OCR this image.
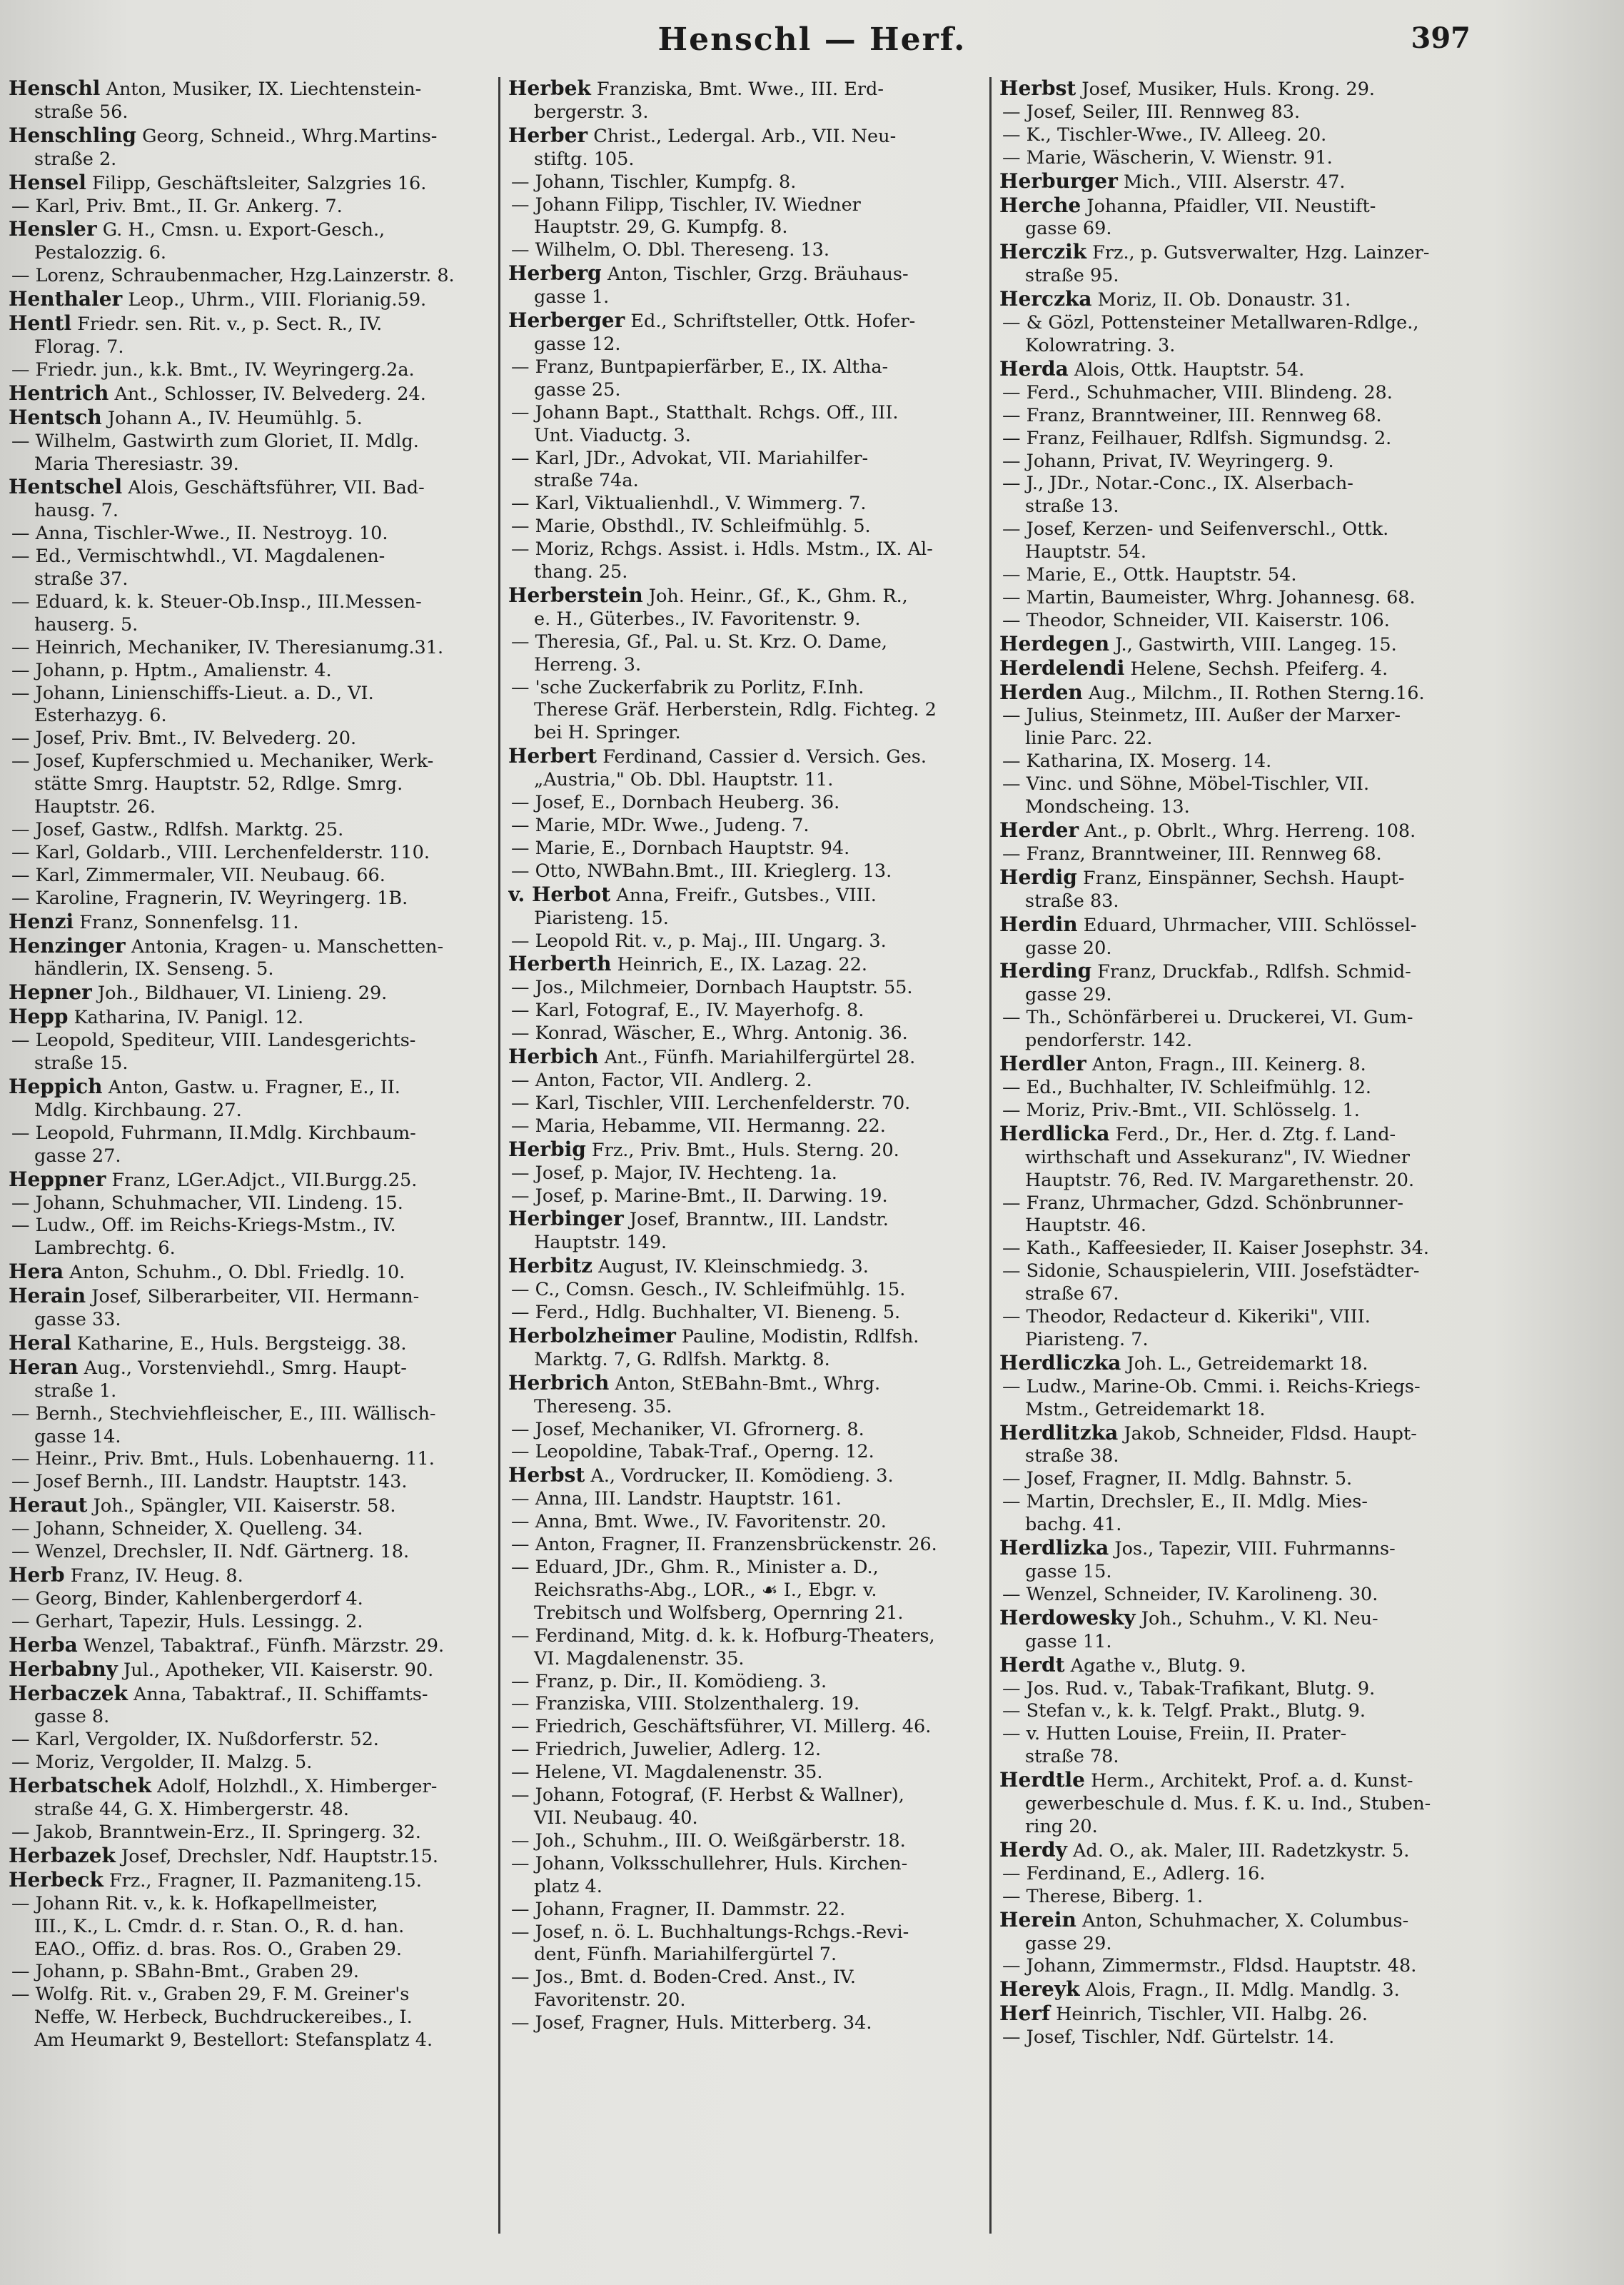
Henschl — Herf.	397
Henschl Anton, Musiker, IX. Liechtenstein-
straße 56.
Henschling Georg, Schneid., Whrg.Martins-
straße 2.
Hensel Filipp, Geschäftsleiter, Salzgries 16.
— Karl, Priv. Bmt., II. Gr. Ankerg. 7.
Hensler G. H., Cmsn. u. Export-Gesch.,
Pestalozzig. 6.
— Lorenz, Schraubenmacher, Hzg.Lainzerstr. 8.
Henthaler Leop., Uhrm., VIII. Florianig.59.
Hentl Friedr. sen. Rit. v., p. Sect. R., IV.
Florag. 7.
— Friedr. jun., k.k. Bmt., IV. Weyringerg.2a.
Hentrich Ant., Schlosser, IV. Belvederg. 24.
Hentsch Johann A., IV. Heumühlg. 5.
— Wilhelm, Gastwirth zum Gloriet, II. Mdlg.
Maria Theresiastr. 39.
Hentschel Alois, Geschäftsführer, VII. Bad-
hausg. 7.
— Anna, Tischler-Wwe., II. Nestroyg. 10.
— Ed., Vermischtwhdl., VI. Magdalenen-
straße 37.
— Eduard, k. k. Steuer-Ob.Insp., III.Messen-
hauserg. 5.
— Heinrich, Mechaniker, IV. Theresianumg.31.
— Johann, p. Hptm., Amalienstr. 4.
— Johann, Linienschiffs-Lieut. a. D., VI.
Esterhazyg. 6.
— Josef, Priv. Bmt., IV. Belvederg. 20.
— Josef, Kupferschmied u. Mechaniker, Werk-
stätte Smrg. Hauptstr. 52, Rdlge. Smrg.
Hauptstr. 26.
— Josef, Gastw., Rdlfsh. Marktg. 25.
— Karl, Goldarb., VIII. Lerchenfelderstr. 110.
— Karl, Zimmermaler, VII. Neubaug. 66.
— Karoline, Fragnerin, IV. Weyringerg. 1B.
Henzi Franz, Sonnenfelsg. 11.
Henzinger Antonia, Kragen- u. Manschetten-
händlerin, IX. Senseng. 5.
Hepner Joh., Bildhauer, VI. Linieng. 29.
Hepp Katharina, IV. Panigl. 12.
— Leopold, Spediteur, VIII. Landesgerichts-
straße 15.
Heppich Anton, Gastw. u. Fragner, E., II.
Mdlg. Kirchbaung. 27.
— Leopold, Fuhrmann, II.Mdlg. Kirchbaum-
gasse 27.
Heppner Franz, LGer.Adjct., VII.Burgg.25.
— Johann, Schuhmacher, VII. Lindeng. 15.
— Ludw., Off. im Reichs-Kriegs-Mstm., IV.
Lambrechtg. 6.
Hera Anton, Schuhm., O. Dbl. Friedlg. 10.
Herain Josef, Silberarbeiter, VII. Hermann-
gasse 33.
Heral Katharine, E., Huls. Bergsteigg. 38.
Heran Aug., Vorstenviehdl., Smrg. Haupt-
straße 1.
— Bernh., Stechviehfleischer, E., III. Wällisch-
gasse 14.
— Heinr., Priv. Bmt., Huls. Lobenhauerng. 11.
— Josef Bernh., III. Landstr. Hauptstr. 143.
Heraut Joh., Spängler, VII. Kaiserstr. 58.
— Johann, Schneider, X. Quelleng. 34.
— Wenzel, Drechsler, II. Ndf. Gärtnerg. 18.
Herb Franz, IV. Heug. 8.
— Georg, Binder, Kahlenbergerdorf 4.
— Gerhart, Tapezir, Huls. Lessingg. 2.
Herba Wenzel, Tabaktraf., Fünfh. Märzstr. 29.
Herbabny Jul., Apotheker, VII. Kaiserstr. 90.
Herbaczek Anna, Tabaktraf., II. Schiffamts-
gasse 8.
— Karl, Vergolder, IX. Nußdorferstr. 52.
— Moriz, Vergolder, II. Malzg. 5.
Herbatschek Adolf, Holzhdl., X. Himberger-
straße 44, G. X. Himbergerstr. 48.
— Jakob, Branntwein-Erz., II. Springerg. 32.
Herbazek Josef, Drechsler, Ndf. Hauptstr.15.
Herbeck Frz., Fragner, II. Pazmaniteng.15.
— Johann Rit. v., k. k. Hofkapellmeister,
III., K., L. Cmdr. d. r. Stan. O., R. d. han.
EAO., Offiz. d. bras. Ros. O., Graben 29.
— Johann, p. SBahn-Bmt., Graben 29.
— Wolfg. Rit. v., Graben 29, F. M. Greiner's
Neffe, W. Herbeck, Buchdruckereibes., I.
Am Heumarkt 9, Bestellort: Stefansplatz 4.
Herbek Franziska, Bmt. Wwe., III. Erd-
bergerstr. 3.
Herber Christ., Ledergal. Arb., VII. Neu-
stiftg. 105.
— Johann, Tischler, Kumpfg. 8.
— Johann Filipp, Tischler, IV. Wiedner
Hauptstr. 29, G. Kumpfg. 8.
— Wilhelm, O. Dbl. Thereseng. 13.
Herberg Anton, Tischler, Grzg. Bräuhaus-
gasse 1.
Herberger Ed., Schriftsteller, Ottk. Hofer-
gasse 12.
— Franz, Buntpapierfärber, E., IX. Altha-
gasse 25.
— Johann Bapt., Statthalt. Rchgs. Off., III.
Unt. Viaductg. 3.
— Karl, JDr., Advokat, VII. Mariahilfer-
straße 74a.
— Karl, Viktualienhdl., V. Wimmerg. 7.
— Marie, Obsthdl., IV. Schleifmühlg. 5.
— Moriz, Rchgs. Assist. i. Hdls. Mstm., IX. Al-
thang. 25.
Herberstein Joh. Heinr., Gf., K., Ghm. R.,
e. H., Güterbes., IV. Favoritenstr. 9.
— Theresia, Gf., Pal. u. St. Krz. O. Dame,
Herreng. 3.
— 'sche Zuckerfabrik zu Porlitz, F.Inh.
Therese Gräf. Herberstein, Rdlg. Fichteg. 2
bei H. Springer.
Herbert Ferdinand, Cassier d. Versich. Ges.
„Austria," Ob. Dbl. Hauptstr. 11.
— Josef, E., Dornbach Heuberg. 36.
— Marie, MDr. Wwe., Judeng. 7.
— Marie, E., Dornbach Hauptstr. 94.
— Otto, NWBahn.Bmt., III. Krieglerg. 13.
v. Herbot Anna, Freifr., Gutsbes., VIII.
Piaristeng. 15.
— Leopold Rit. v., p. Maj., III. Ungarg. 3.
Herberth Heinrich, E., IX. Lazag. 22.
— Jos., Milchmeier, Dornbach Hauptstr. 55.
— Karl, Fotograf, E., IV. Mayerhofg. 8.
— Konrad, Wäscher, E., Whrg. Antonig. 36.
Herbich Ant., Fünfh. Mariahilfergürtel 28.
— Anton, Factor, VII. Andlerg. 2.
— Karl, Tischler, VIII. Lerchenfelderstr. 70.
— Maria, Hebamme, VII. Hermanng. 22.
Herbig Frz., Priv. Bmt., Huls. Sterng. 20.
— Josef, p. Major, IV. Hechteng. 1a.
— Josef, p. Marine-Bmt., II. Darwing. 19.
Herbinger Josef, Branntw., III. Landstr.
Hauptstr. 149.
Herbitz August, IV. Kleinschmiedg. 3.
— C., Comsn. Gesch., IV. Schleifmühlg. 15.
— Ferd., Hdlg. Buchhalter, VI. Bieneng. 5.
Herbolzheimer Pauline, Modistin, Rdlfsh.
Marktg. 7, G. Rdlfsh. Marktg. 8.
Herbrich Anton, StEBahn-Bmt., Whrg.
Thereseng. 35.
— Josef, Mechaniker, VI. Gfrornerg. 8.
— Leopoldine, Tabak-Traf., Operng. 12.
Herbst A., Vordrucker, II. Komödieng. 3.
— Anna, III. Landstr. Hauptstr. 161.
— Anna, Bmt. Wwe., IV. Favoritenstr. 20.
— Anton, Fragner, II. Franzensbrückenstr. 26.
— Eduard, JDr., Ghm. R., Minister a. D.,
Reichsraths-Abg., LOR., ☙ I., Ebgr. v.
Trebitsch und Wolfsberg, Opernring 21.
— Ferdinand, Mitg. d. k. k. Hofburg-Theaters,
VI. Magdalenenstr. 35.
— Franz, p. Dir., II. Komödieng. 3.
— Franziska, VIII. Stolzenthalerg. 19.
— Friedrich, Geschäftsführer, VI. Millerg. 46.
— Friedrich, Juwelier, Adlerg. 12.
— Helene, VI. Magdalenenstr. 35.
— Johann, Fotograf, (F. Herbst & Wallner),
VII. Neubaug. 40.
— Joh., Schuhm., III. O. Weißgärberstr. 18.
— Johann, Volksschullehrer, Huls. Kirchen-
platz 4.
— Johann, Fragner, II. Dammstr. 22.
— Josef, n. ö. L. Buchhaltungs-Rchgs.-Revi-
dent, Fünfh. Mariahilfergürtel 7.
— Jos., Bmt. d. Boden-Cred. Anst., IV.
Favoritenstr. 20.
— Josef, Fragner, Huls. Mitterberg. 34.
Herbst Josef, Musiker, Huls. Krong. 29.
— Josef, Seiler, III. Rennweg 83.
— K., Tischler-Wwe., IV. Alleeg. 20.
— Marie, Wäscherin, V. Wienstr. 91.
Herburger Mich., VIII. Alserstr. 47.
Herche Johanna, Pfaidler, VII. Neustift-
gasse 69.
Herczik Frz., p. Gutsverwalter, Hzg. Lainzer-
straße 95.
Herczka Moriz, II. Ob. Donaustr. 31.
— & Gözl, Pottensteiner Metallwaren-Rdlge.,
Kolowratring. 3.
Herda Alois, Ottk. Hauptstr. 54.
— Ferd., Schuhmacher, VIII. Blindeng. 28.
— Franz, Branntweiner, III. Rennweg 68.
— Franz, Feilhauer, Rdlfsh. Sigmundsg. 2.
— Johann, Privat, IV. Weyringerg. 9.
— J., JDr., Notar.-Conc., IX. Alserbach-
straße 13.
— Josef, Kerzen- und Seifenverschl., Ottk.
Hauptstr. 54.
— Marie, E., Ottk. Hauptstr. 54.
— Martin, Baumeister, Whrg. Johannesg. 68.
— Theodor, Schneider, VII. Kaiserstr. 106.
Herdegen J., Gastwirth, VIII. Langeg. 15.
Herdelendi Helene, Sechsh. Pfeiferg. 4.
Herden Aug., Milchm., II. Rothen Sterng.16.
— Julius, Steinmetz, III. Außer der Marxer-
linie Parc. 22.
— Katharina, IX. Moserg. 14.
— Vinc. und Söhne, Möbel-Tischler, VII.
Mondscheing. 13.
Herder Ant., p. Obrlt., Whrg. Herreng. 108.
— Franz, Branntweiner, III. Rennweg 68.
Herdig Franz, Einspänner, Sechsh. Haupt-
straße 83.
Herdin Eduard, Uhrmacher, VIII. Schlössel-
gasse 20.
Herding Franz, Druckfab., Rdlfsh. Schmid-
gasse 29.
— Th., Schönfärberei u. Druckerei, VI. Gum-
pendorferstr. 142.
Herdler Anton, Fragn., III. Keinerg. 8.
— Ed., Buchhalter, IV. Schleifmühlg. 12.
— Moriz, Priv.-Bmt., VII. Schlösselg. 1.
Herdlicka Ferd., Dr., Her. d. Ztg. f. Land-
wirthschaft und Assekuranz", IV. Wiedner
Hauptstr. 76, Red. IV. Margarethenstr. 20.
— Franz, Uhrmacher, Gdzd. Schönbrunner-
Hauptstr. 46.
— Kath., Kaffeesieder, II. Kaiser Josephstr. 34.
— Sidonie, Schauspielerin, VIII. Josefstädter-
straße 67.
— Theodor, Redacteur d. Kikeriki", VIII.
Piaristeng. 7.
Herdliczka Joh. L., Getreidemarkt 18.
— Ludw., Marine-Ob. Cmmi. i. Reichs-Kriegs-
Mstm., Getreidemarkt 18.
Herdlitzka Jakob, Schneider, Fldsd. Haupt-
straße 38.
— Josef, Fragner, II. Mdlg. Bahnstr. 5.
— Martin, Drechsler, E., II. Mdlg. Mies-
bachg. 41.
Herdlizka Jos., Tapezir, VIII. Fuhrmanns-
gasse 15.
— Wenzel, Schneider, IV. Karolineng. 30.
Herdowesky Joh., Schuhm., V. Kl. Neu-
gasse 11.
Herdt Agathe v., Blutg. 9.
— Jos. Rud. v., Tabak-Trafikant, Blutg. 9.
— Stefan v., k. k. Telgf. Prakt., Blutg. 9.
— v. Hutten Louise, Freiin, II. Prater-
straße 78.
Herdtle Herm., Architekt, Prof. a. d. Kunst-
gewerbeschule d. Mus. f. K. u. Ind., Stuben-
ring 20.
Herdy Ad. O., ak. Maler, III. Radetzkystr. 5.
— Ferdinand, E., Adlerg. 16.
— Therese, Biberg. 1.
Herein Anton, Schuhmacher, X. Columbus-
gasse 29.
— Johann, Zimmermstr., Fldsd. Hauptstr. 48.
Hereyk Alois, Fragn., II. Mdlg. Mandlg. 3.
Herf Heinrich, Tischler, VII. Halbg. 26.
— Josef, Tischler, Ndf. Gürtelstr. 14.
